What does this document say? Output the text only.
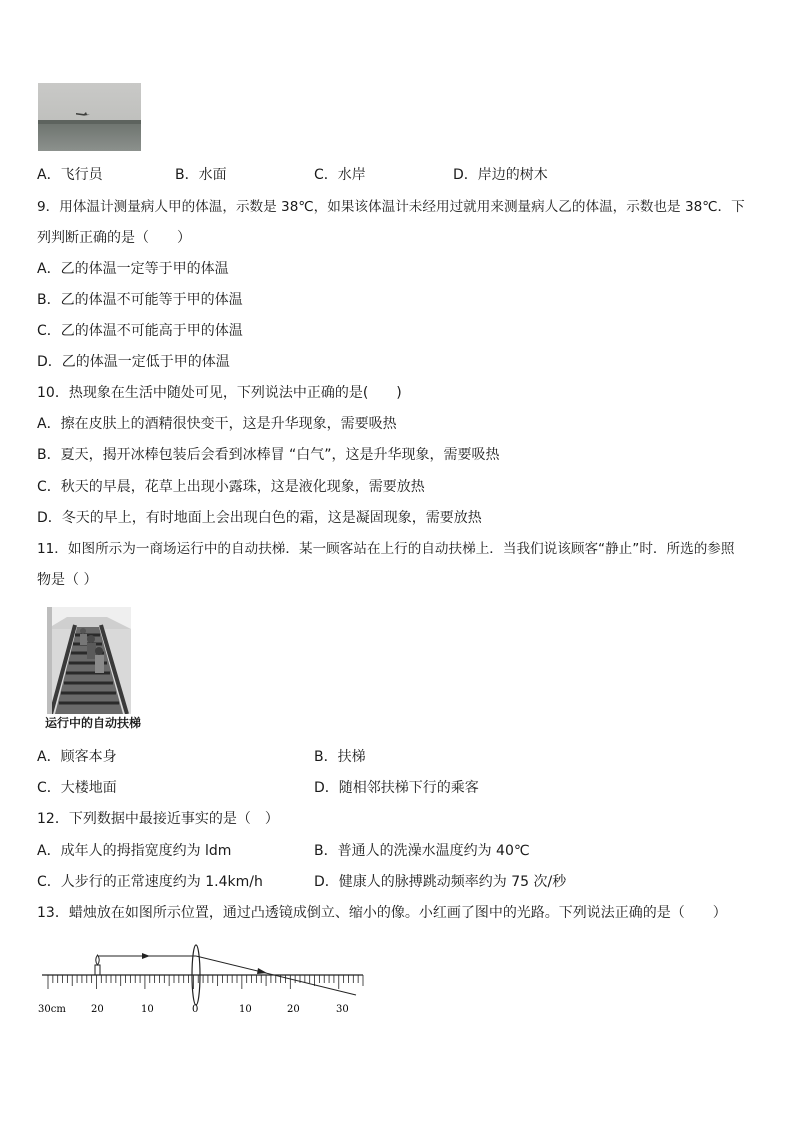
A．飞行员	B．水面	C．水岸	D．岸边的树木
9．用体温计测量病人甲的体温，示数是 38℃，如果该体温计未经用过就用来测量病人乙的体温，示数也是 38℃．下
列判断正确的是（　　）
A．乙的体温一定等于甲的体温
B．乙的体温不可能等于甲的体温
C．乙的体温不可能高于甲的体温
D．乙的体温一定低于甲的体温
10．热现象在生活中随处可见，下列说法中正确的是(　　)
A．擦在皮肤上的酒精很快变干，这是升华现象，需要吸热
B．夏天，揭开冰棒包装后会看到冰棒冒 “白气”，这是升华现象，需要吸热
C．秋天的早晨，花草上出现小露珠，这是液化现象，需要放热
D．冬天的早上，有时地面上会出现白色的霜，这是凝固现象，需要放热
11．如图所示为一商场运行中的自动扶梯．某一顾客站在上行的自动扶梯上．当我们说该顾客“静止”时．所选的参照
物是（ ）
运行中的自动扶梯
A．顾客本身	B．扶梯
C．大楼地面	D．随相邻扶梯下行的乘客
12．下列数据中最接近事实的是（　）
A．成年人的拇指宽度约为 ldm	B．普通人的洗澡水温度约为 40℃
C．人步行的正常速度约为 1.4km/h	D．健康人的脉搏跳动频率约为 75 次/秒
13．蜡烛放在如图所示位置，通过凸透镜成倒立、缩小的像。小红画了图中的光路。下列说法正确的是（　　）
30cm	20	10	0	10	20	30
